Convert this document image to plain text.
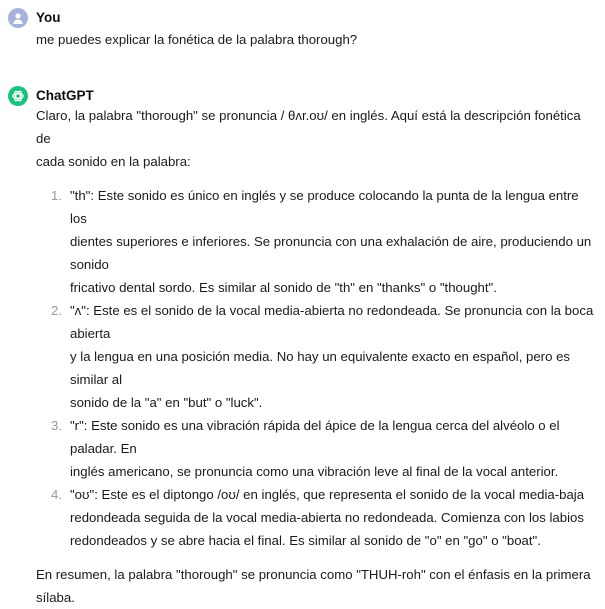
You

me puedes explicar la fonética de la palabra thorough?

ChatGPT

Claro, la palabra "thorough" se pronuncia / θʌr.oʊ/ en inglés. Aquí está la descripción fonética de
cada sonido en la palabra:

1. "th": Este sonido es único en inglés y se produce colocando la punta de la lengua entre los
dientes superiores e inferiores. Se pronuncia con una exhalación de aire, produciendo un sonido
fricativo dental sordo. Es similar al sonido de "th" en "thanks" o "thought".
2. "ʌ": Este es el sonido de la vocal media-abierta no redondeada. Se pronuncia con la boca abierta
y la lengua en una posición media. No hay un equivalente exacto en español, pero es similar al
sonido de la "a" en "but" o "luck".
3. "r": Este sonido es una vibración rápida del ápice de la lengua cerca del alvéolo o el paladar. En
inglés americano, se pronuncia como una vibración leve al final de la vocal anterior.
4. "oʊ": Este es el diptongo /oʊ/ en inglés, que representa el sonido de la vocal media-baja
redondeada seguida de la vocal media-abierta no redondeada. Comienza con los labios
redondeados y se abre hacia el final. Es similar al sonido de "o" en "go" o "boat".

En resumen, la palabra "thorough" se pronuncia como "THUH-roh" con el énfasis en la primera
sílaba.
